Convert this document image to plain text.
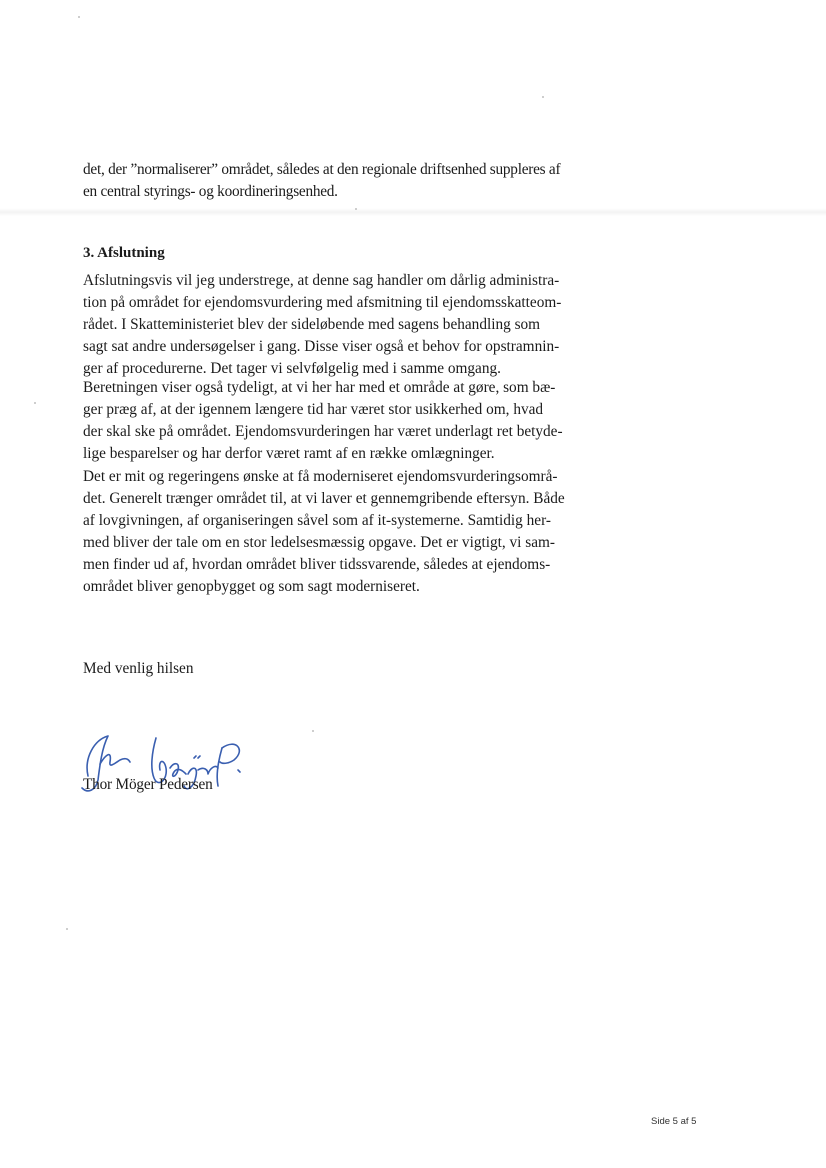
det, der ”normaliserer” området, således at den regionale driftsenhed suppleres af
en central styrings- og koordineringsenhed.

3. Afslutning

Afslutningsvis vil jeg understrege, at denne sag handler om dårlig administra-
tion på området for ejendomsvurdering med afsmitning til ejendomsskatteom-
rådet. I Skatteministeriet blev der sideløbende med sagens behandling som
sagt sat andre undersøgelser i gang. Disse viser også et behov for opstramnin-
ger af procedurerne. Det tager vi selvfølgelig med i samme omgang.

Beretningen viser også tydeligt, at vi her har med et område at gøre, som bæ-
ger præg af, at der igennem længere tid har været stor usikkerhed om, hvad
der skal ske på området. Ejendomsvurderingen har været underlagt ret betyde-
lige besparelser og har derfor været ramt af en række omlægninger.

Det er mit og regeringens ønske at få moderniseret ejendomsvurderingsområ-
det. Generelt trænger området til, at vi laver et gennemgribende eftersyn. Både
af lovgivningen, af organiseringen såvel som af it-systemerne. Samtidig her-
med bliver der tale om en stor ledelsesmæssig opgave. Det er vigtigt, vi sam-
men finder ud af, hvordan området bliver tidssvarende, således at ejendoms-
området bliver genopbygget og som sagt moderniseret.

Med venlig hilsen

Thor Möger Pedersen

Side 5 af 5
